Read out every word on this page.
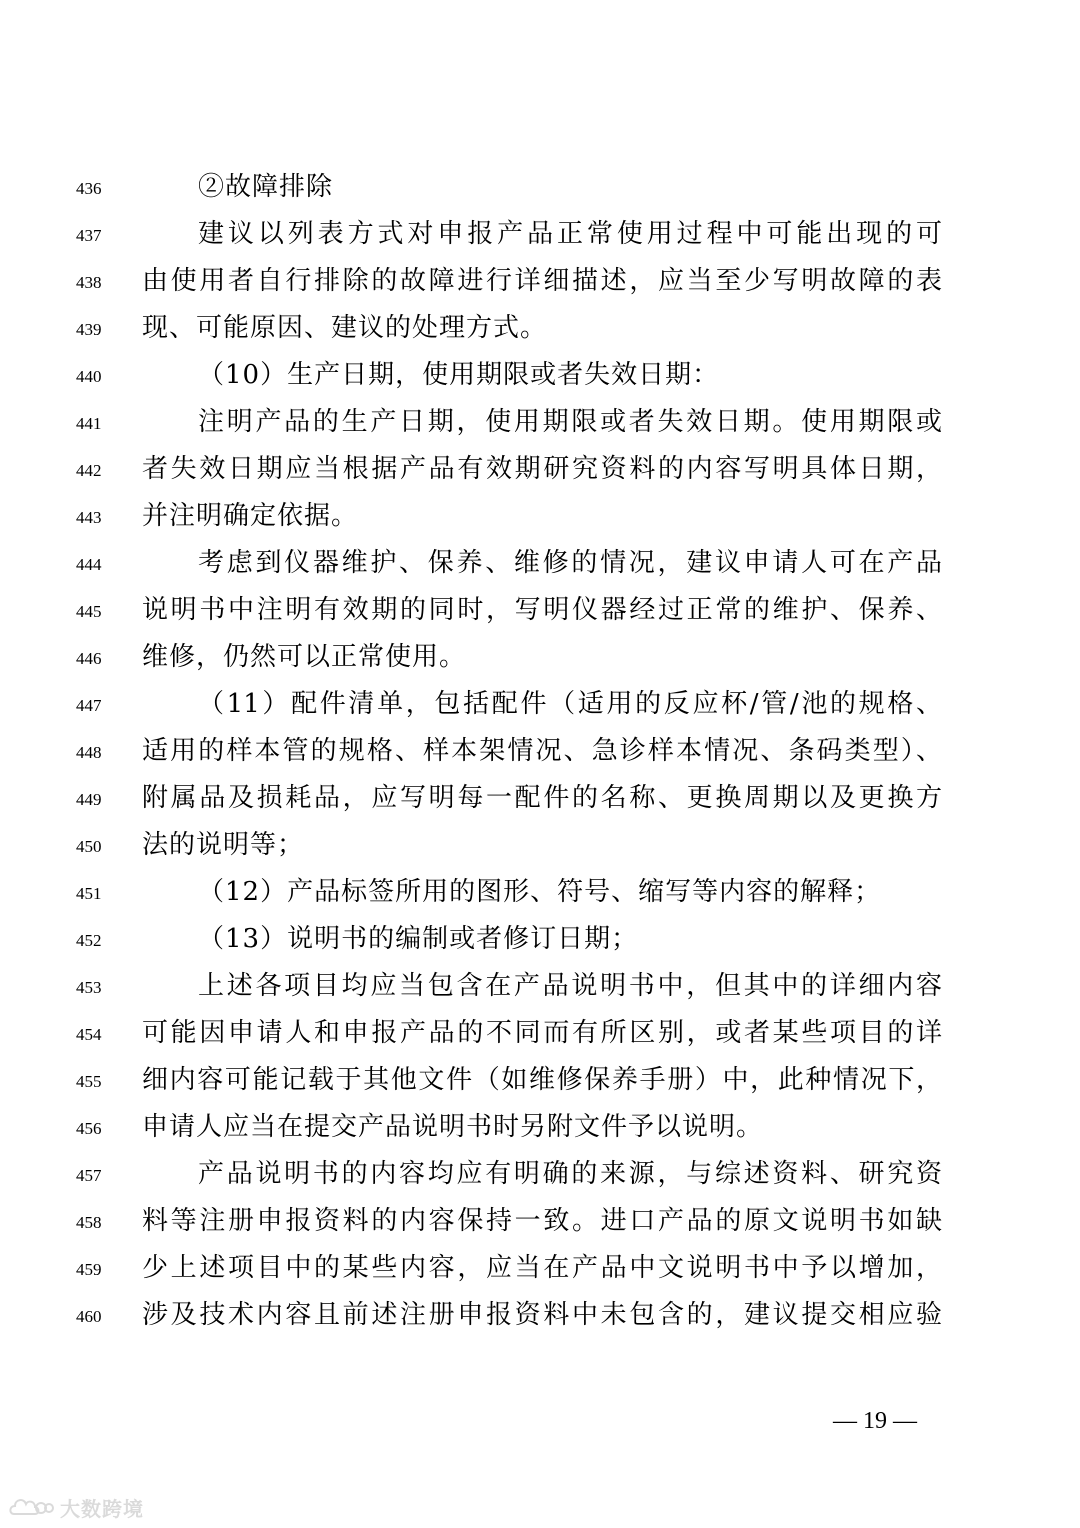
436	②故障排除
437	建议以列表方式对申报产品正常使用过程中可能出现的可
438	由使用者自行排除的故障进行详细描述，应当至少写明故障的表
439	现、可能原因、建议的处理方式。
440	（10）生产日期，使用期限或者失效日期：
441	注明产品的生产日期，使用期限或者失效日期。使用期限或
442	者失效日期应当根据产品有效期研究资料的内容写明具体日期，
443	并注明确定依据。
444	考虑到仪器维护、保养、维修的情况，建议申请人可在产品
445	说明书中注明有效期的同时，写明仪器经过正常的维护、保养、
446	维修，仍然可以正常使用。
447	（11）配件清单，包括配件（适用的反应杯/管/池的规格、
448	适用的样本管的规格、样本架情况、急诊样本情况、条码类型）、
449	附属品及损耗品，应写明每一配件的名称、更换周期以及更换方
450	法的说明等；
451	（12）产品标签所用的图形、符号、缩写等内容的解释；
452	（13）说明书的编制或者修订日期；
453	上述各项目均应当包含在产品说明书中，但其中的详细内容
454	可能因申请人和申报产品的不同而有所区别，或者某些项目的详
455	细内容可能记载于其他文件（如维修保养手册）中，此种情况下，
456	申请人应当在提交产品说明书时另附文件予以说明。
457	产品说明书的内容均应有明确的来源，与综述资料、研究资
458	料等注册申报资料的内容保持一致。进口产品的原文说明书如缺
459	少上述项目中的某些内容，应当在产品中文说明书中予以增加，
460	涉及技术内容且前述注册申报资料中未包含的，建议提交相应验
— 19 —
大数跨境
